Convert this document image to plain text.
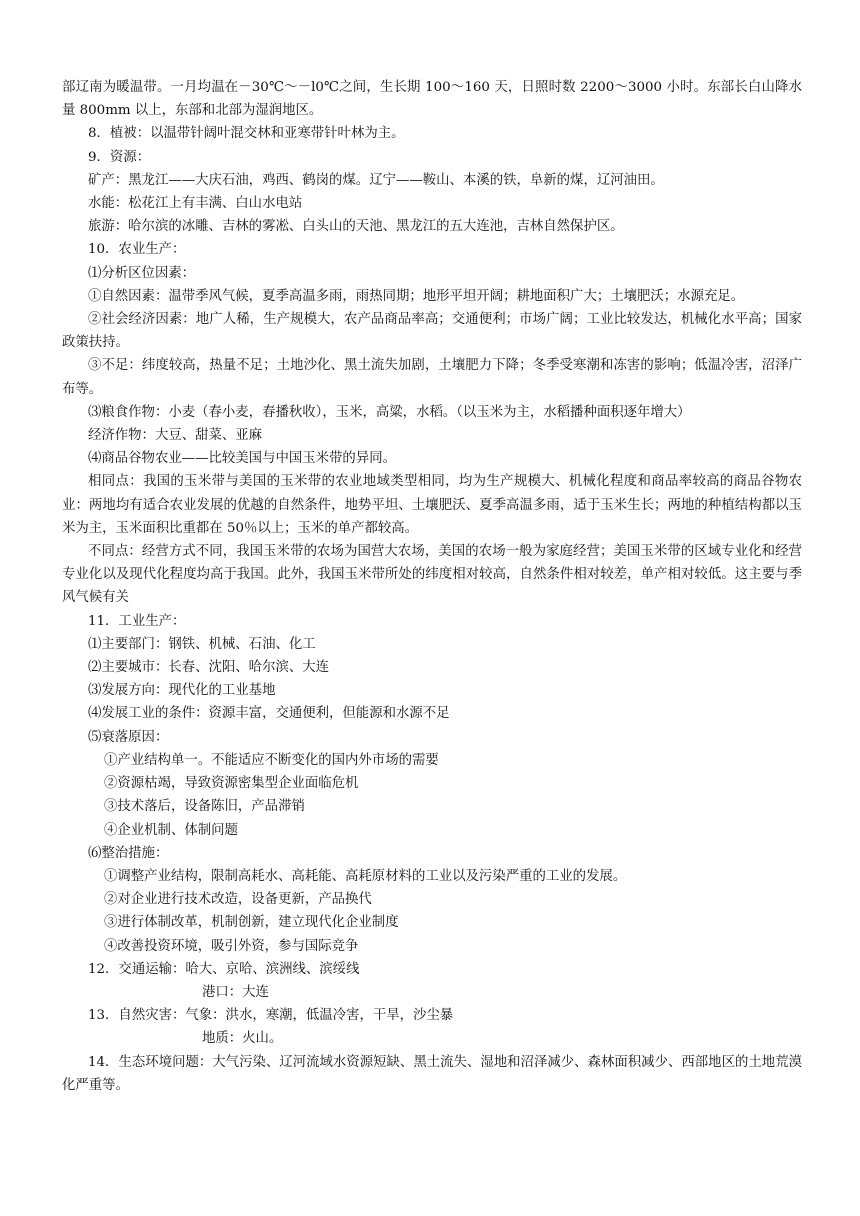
部辽南为暖温带。一月均温在－30℃～－l0℃之间，生长期 100～160 天，日照时数 2200～3000 小时。东部长白山降水量 800mm 以上，东部和北部为湿润地区。

8．植被：以温带针阔叶混交林和亚寒带针叶林为主。

9．资源：

矿产：黑龙江——大庆石油，鸡西、鹤岗的煤。辽宁——鞍山、本溪的铁，阜新的煤，辽河油田。

水能：松花江上有丰满、白山水电站

旅游：哈尔滨的冰雕、吉林的雾凇、白头山的天池、黑龙江的五大连池，吉林自然保护区。

10．农业生产：

⑴分析区位因素：

①自然因素：温带季风气候，夏季高温多雨，雨热同期；地形平坦开阔；耕地面积广大；土壤肥沃；水源充足。

②社会经济因素：地广人稀，生产规模大，农产品商品率高；交通便利；市场广阔；工业比较发达，机械化水平高；国家政策扶持。

③不足：纬度较高，热量不足；土地沙化、黑土流失加剧，土壤肥力下降；冬季受寒潮和冻害的影响；低温冷害，沼泽广布等。

⑶粮食作物：小麦（春小麦，春播秋收），玉米，高粱，水稻。（以玉米为主，水稻播种面积逐年增大）

经济作物：大豆、甜菜、亚麻

⑷商品谷物农业——比较美国与中国玉米带的异同。

相同点：我国的玉米带与美国的玉米带的农业地域类型相同，均为生产规模大、机械化程度和商品率较高的商品谷物农业：两地均有适合农业发展的优越的自然条件，地势平坦、土壤肥沃、夏季高温多雨，适于玉米生长；两地的种植结构都以玉米为主，玉米面积比重都在 50％以上；玉米的单产都较高。

不同点：经营方式不同，我国玉米带的农场为国营大农场，美国的农场一般为家庭经营；美国玉米带的区域专业化和经营专业化以及现代化程度均高于我国。此外，我国玉米带所处的纬度相对较高，自然条件相对较差，单产相对较低。这主要与季风气候有关

11．工业生产：

⑴主要部门：钢铁、机械、石油、化工

⑵主要城市：长春、沈阳、哈尔滨、大连

⑶发展方向：现代化的工业基地

⑷发展工业的条件：资源丰富，交通便利，但能源和水源不足

⑸衰落原因：

①产业结构单一。不能适应不断变化的国内外市场的需要

②资源枯竭，导致资源密集型企业面临危机

③技术落后，设备陈旧，产品滞销

④企业机制、体制问题

⑹整治措施：

①调整产业结构，限制高耗水、高耗能、高耗原材料的工业以及污染严重的工业的发展。

②对企业进行技术改造，设备更新，产品换代

③进行体制改革，机制创新，建立现代化企业制度

④改善投资环境，吸引外资，参与国际竞争

12．交通运输：哈大、京哈、滨洲线、滨绥线

港口：大连

13．自然灾害：气象：洪水，寒潮，低温冷害，干旱，沙尘暴

地质：火山。

14．生态环境问题：大气污染、辽河流域水资源短缺、黑土流失、湿地和沼泽减少、森林面积减少、西部地区的土地荒漠化严重等。
